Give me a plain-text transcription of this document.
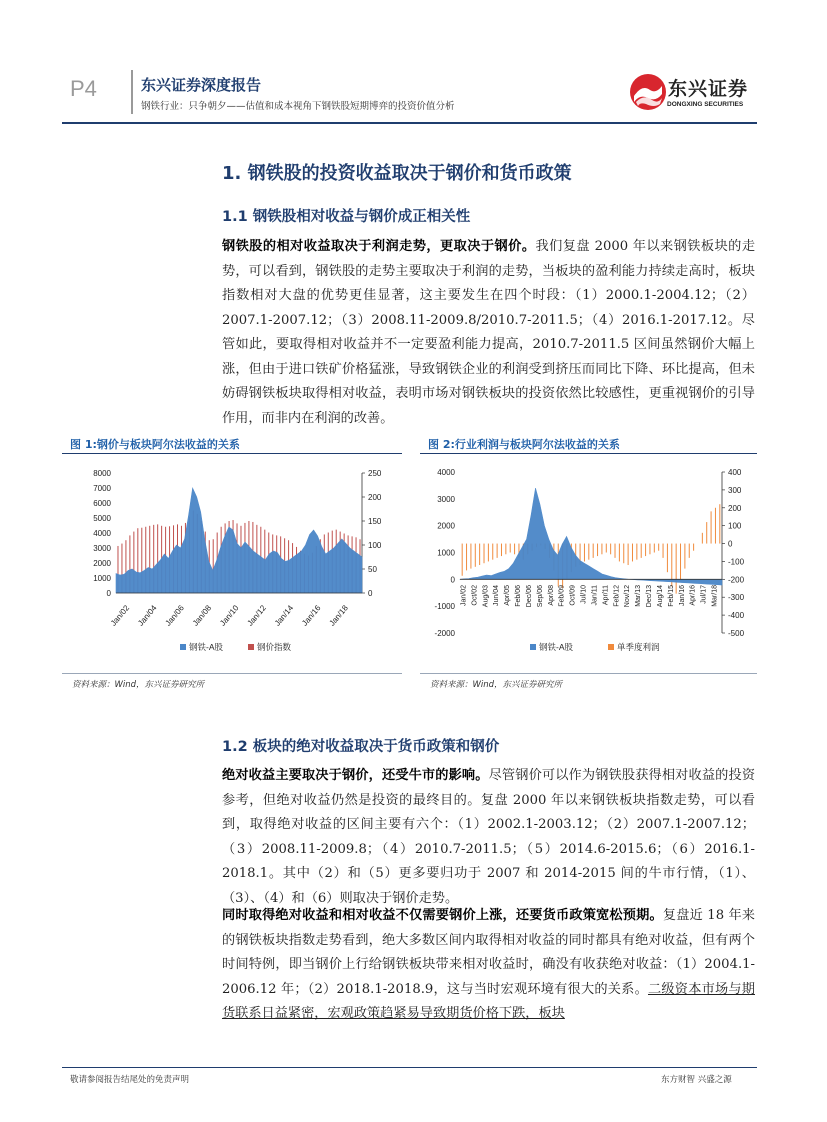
P4	东兴证券深度报告
钢铁行业：只争朝夕——估值和成本视角下钢铁股短期博弈的投资价值分析
东兴证券
DONGXING SECURITIES
1. 钢铁股的投资收益取决于钢价和货币政策
1.1 钢铁股相对收益与钢价成正相关性
钢铁股的相对收益取决于利润走势，更取决于钢价。我们复盘 2000 年以来钢铁板块的走势，可以看到，钢铁股的走势主要取决于利润的走势，当板块的盈利能力持续走高时，板块指数相对大盘的优势更佳显著，这主要发生在四个时段：（1）2000.1-2004.12；（2）2007.1-2007.12；（3）2008.11-2009.8/2010.7-2011.5；（4）2016.1-2017.12。尽管如此，要取得相对收益并不一定要盈利能力提高，2010.7-2011.5 区间虽然钢价大幅上涨，但由于进口铁矿价格猛涨，导致钢铁企业的利润受到挤压而同比下降、环比提高，但未妨碍钢铁板块取得相对收益，表明市场对钢铁板块的投资依然比较感性，更重视钢价的引导作用，而非内在利润的改善。
图 1:钢价与板块阿尔法收益的关系
8000
7000
6000
5000
4000
3000
2000
1000
0
250
200
150
100
50
0
Jan/02 Jan/04 Jan/06 Jan/08 Jan/10 Jan/12 Jan/14 Jan/16 Jan/18
钢铁-A股	钢价指数
资料来源：Wind，东兴证券研究所
图 2:行业利润与板块阿尔法收益的关系
4000
3000
2000
1000
0
-1000
-2000
400
300
200
100
0
-100
-200
-300
-400
-500
Jan/02 Oct/02 Aug/03 Jun/04 Apr/05 Feb/06 Dec/06 Sep/06 Apr/08 Feb/09 Oct/09 Jul/10 Jan/11 Apr/11 Feb/12 Nov/12 Mar/13 Dec/13 Aug/14 Feb/15 Jan/16 Apr/16 Jul/17 Mar/18
钢铁-A股	单季度利润
资料来源：Wind，东兴证券研究所
1.2 板块的绝对收益取决于货币政策和钢价
绝对收益主要取决于钢价，还受牛市的影响。尽管钢价可以作为钢铁股获得相对收益的投资参考，但绝对收益仍然是投资的最终目的。复盘 2000 年以来钢铁板块指数走势，可以看到，取得绝对收益的区间主要有六个：（1）2002.1-2003.12；（2）2007.1-2007.12；（3）2008.11-2009.8；（4）2010.7-2011.5；（5）2014.6-2015.6；（6）2016.1-2018.1。其中（2）和（5）更多要归功于 2007 和 2014-2015 间的牛市行情，（1）、（3）、（4）和（6）则取决于钢价走势。
同时取得绝对收益和相对收益不仅需要钢价上涨，还要货币政策宽松预期。复盘近 18 年来的钢铁板块指数走势看到，绝大多数区间内取得相对收益的同时都具有绝对收益，但有两个时间特例，即当钢价上行给钢铁板块带来相对收益时，确没有收获绝对收益：（1）2004.1-2006.12 年；（2）2018.1-2018.9，这与当时宏观环境有很大的关系。二级资本市场与期货联系日益紧密，宏观政策趋紧易导致期货价格下跌，板块
敬请参阅报告结尾处的免责声明	东方财智 兴盛之源
